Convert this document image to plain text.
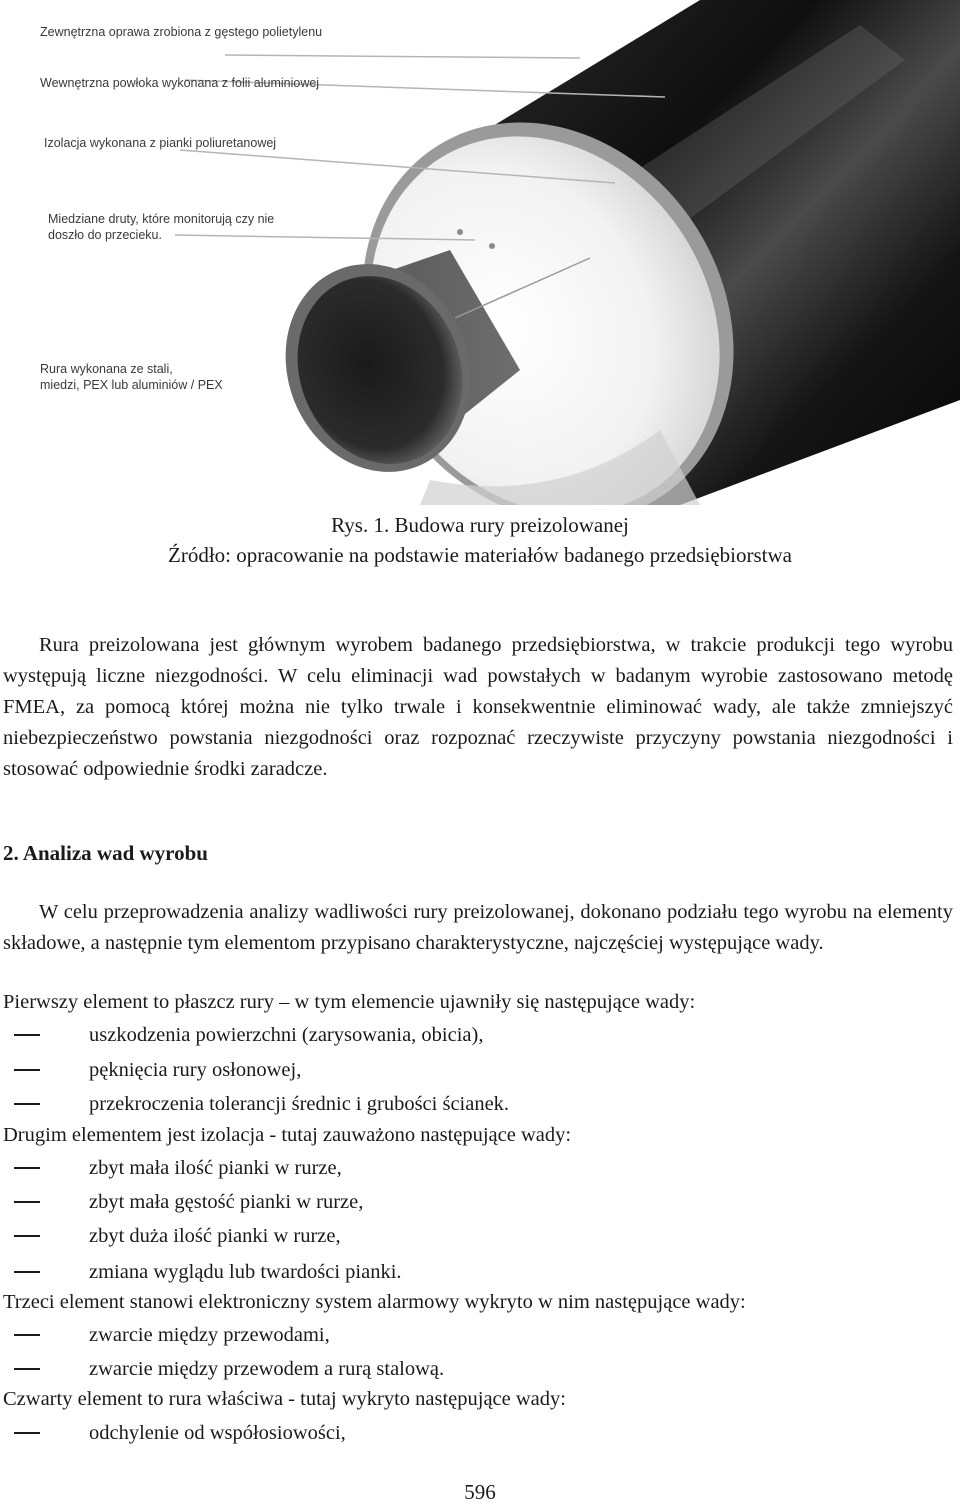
Zewnętrzna oprawa zrobiona z gęstego polietylenu
Wewnętrzna powłoka wykonana z folii aluminiowej
Izolacja wykonana z pianki poliuretanowej
Miedziane druty, które monitorują czy nie
doszło do przecieku.
Rura wykonana ze stali,
miedzi, PEX lub aluminiów / PEX
Rys. 1. Budowa rury preizolowanej
Źródło: opracowanie na podstawie materiałów badanego przedsiębiorstwa
Rura preizolowana jest głównym wyrobem badanego przedsiębiorstwa, w trakcie produkcji tego wyrobu występują liczne niezgodności. W celu eliminacji wad powstałych w badanym wyrobie zastosowano metodę FMEA, za pomocą której można nie tylko trwale i konsekwentnie eliminować wady, ale także zmniejszyć niebezpieczeństwo powstania niezgodności oraz rozpoznać rzeczywiste przyczyny powstania niezgodności i stosować odpowiednie środki zaradcze.
2. Analiza wad wyrobu
W celu przeprowadzenia analizy wadliwości rury preizolowanej, dokonano podziału tego wyrobu na elementy składowe, a następnie tym elementom przypisano charakterystyczne, najczęściej występujące wady.
Pierwszy element to płaszcz rury – w tym elemencie ujawniły się następujące wady:
uszkodzenia powierzchni (zarysowania, obicia),
pęknięcia rury osłonowej,
przekroczenia tolerancji średnic i grubości ścianek.
Drugim elementem jest izolacja - tutaj zauważono następujące wady:
zbyt mała ilość pianki w rurze,
zbyt mała gęstość pianki w rurze,
zbyt duża ilość pianki w rurze,
zmiana wyglądu lub twardości pianki.
Trzeci element stanowi elektroniczny system alarmowy wykryto w nim następujące wady:
zwarcie między przewodami,
zwarcie między przewodem a rurą stalową.
Czwarty element to rura właściwa - tutaj wykryto następujące wady:
odchylenie od współosiowości,
596
